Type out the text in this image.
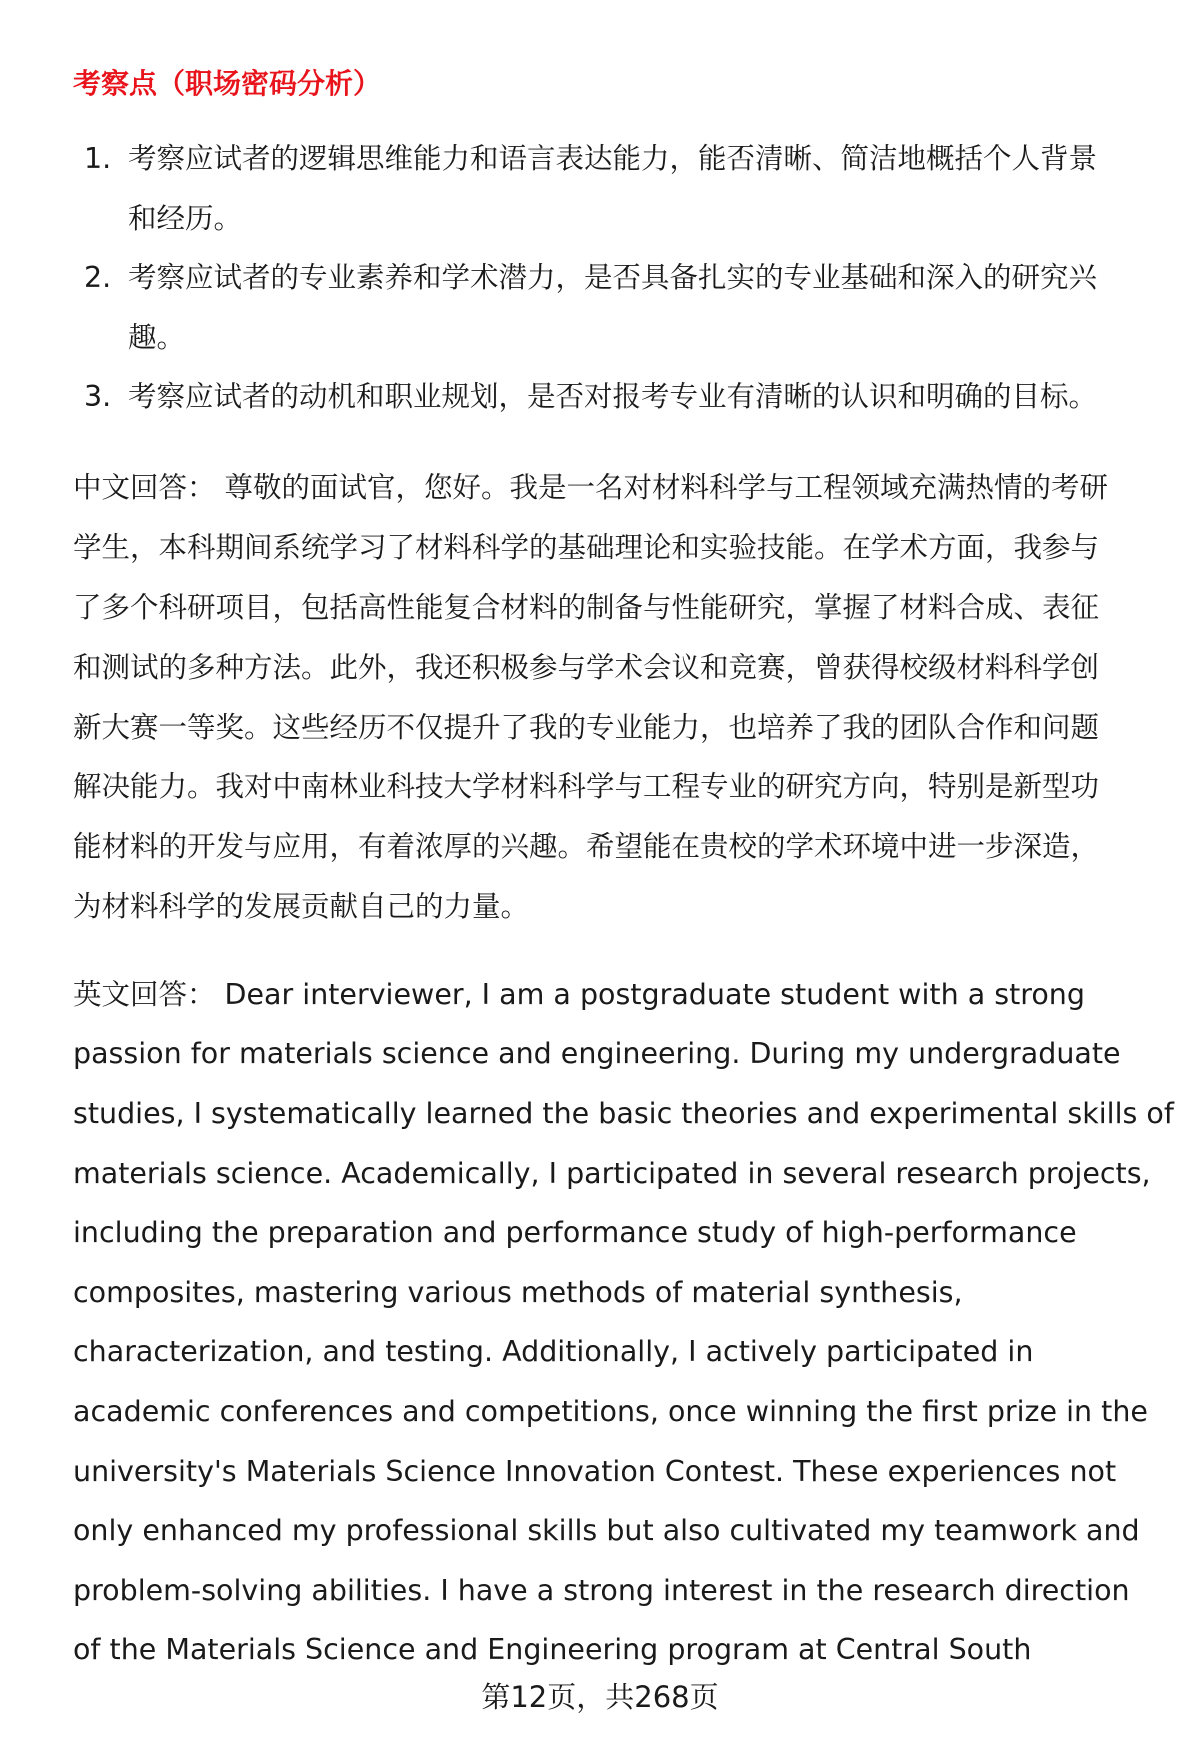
考察点（职场密码分析）
1. 考察应试者的逻辑思维能力和语言表达能力，能否清晰、简洁地概括个人背景
和经历。
2. 考察应试者的专业素养和学术潜力，是否具备扎实的专业基础和深入的研究兴
趣。
3. 考察应试者的动机和职业规划，是否对报考专业有清晰的认识和明确的目标。
中文回答： 尊敬的面试官，您好。我是一名对材料科学与工程领域充满热情的考研
学生，本科期间系统学习了材料科学的基础理论和实验技能。在学术方面，我参与
了多个科研项目，包括高性能复合材料的制备与性能研究，掌握了材料合成、表征
和测试的多种方法。此外，我还积极参与学术会议和竞赛，曾获得校级材料科学创
新大赛一等奖。这些经历不仅提升了我的专业能力，也培养了我的团队合作和问题
解决能力。我对中南林业科技大学材料科学与工程专业的研究方向，特别是新型功
能材料的开发与应用，有着浓厚的兴趣。希望能在贵校的学术环境中进一步深造，
为材料科学的发展贡献自己的力量。
英文回答： Dear interviewer, I am a postgraduate student with a strong
passion for materials science and engineering. During my undergraduate
studies, I systematically learned the basic theories and experimental skills of
materials science. Academically, I participated in several research projects,
including the preparation and performance study of high-performance
composites, mastering various methods of material synthesis,
characterization, and testing. Additionally, I actively participated in
academic conferences and competitions, once winning the first prize in the
university's Materials Science Innovation Contest. These experiences not
only enhanced my professional skills but also cultivated my teamwork and
problem-solving abilities. I have a strong interest in the research direction
of the Materials Science and Engineering program at Central South
第12页，共268页
